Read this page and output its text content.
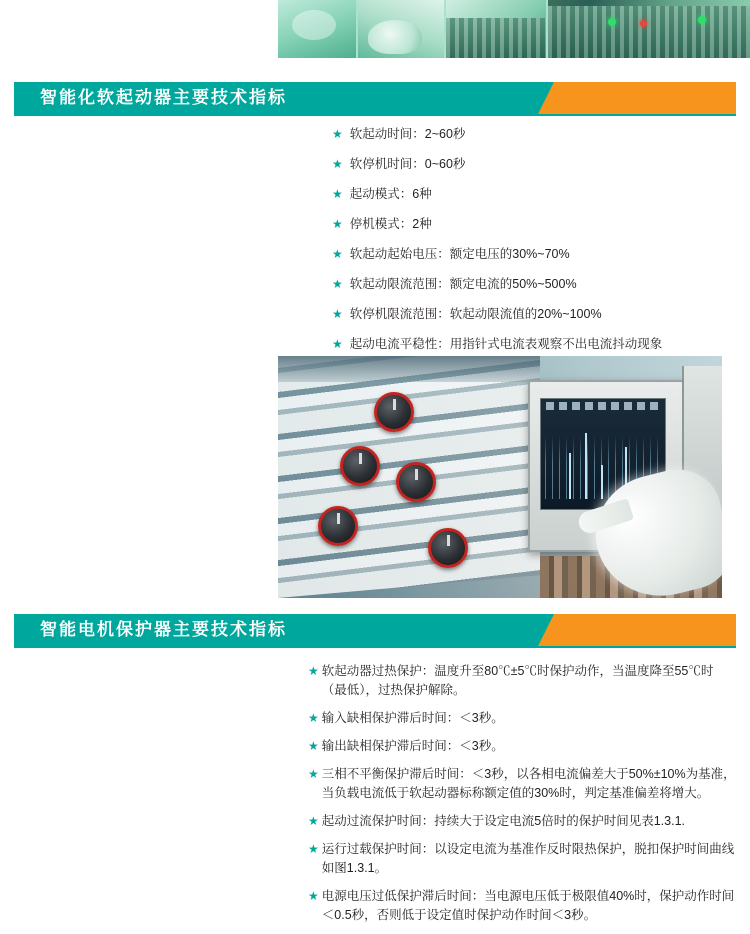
智能化软起动器主要技术指标
★ 软起动时间：2~60秒
★ 软停机时间：0~60秒
★ 起动模式：6种
★ 停机模式：2种
★ 软起动起始电压：额定电压的30%~70%
★ 软起动限流范围：额定电流的50%~500%
★ 软停机限流范围：软起动限流值的20%~100%
★ 起动电流平稳性：用指针式电流表观察不出电流抖动现象
智能电机保护器主要技术指标
★ 软起动器过热保护：温度升至80℃±5℃时保护动作，当温度降至55℃时（最低），过热保护解除。
★ 输入缺相保护滞后时间：＜3秒。
★ 输出缺相保护滞后时间：＜3秒。
★ 三相不平衡保护滞后时间：＜3秒，以各相电流偏差大于50%±10%为基准，当负载电流低于软起动器标称额定值的30%时，判定基准偏差将增大。
★ 起动过流保护时间：持续大于设定电流5倍时的保护时间见表1.3.1.
★ 运行过载保护时间：以设定电流为基准作反时限热保护，脱扣保护时间曲线如图1.3.1。
★ 电源电压过低保护滞后时间：当电源电压低于极限值40%时，保护动作时间＜0.5秒，否则低于设定值时保护动作时间＜3秒。
